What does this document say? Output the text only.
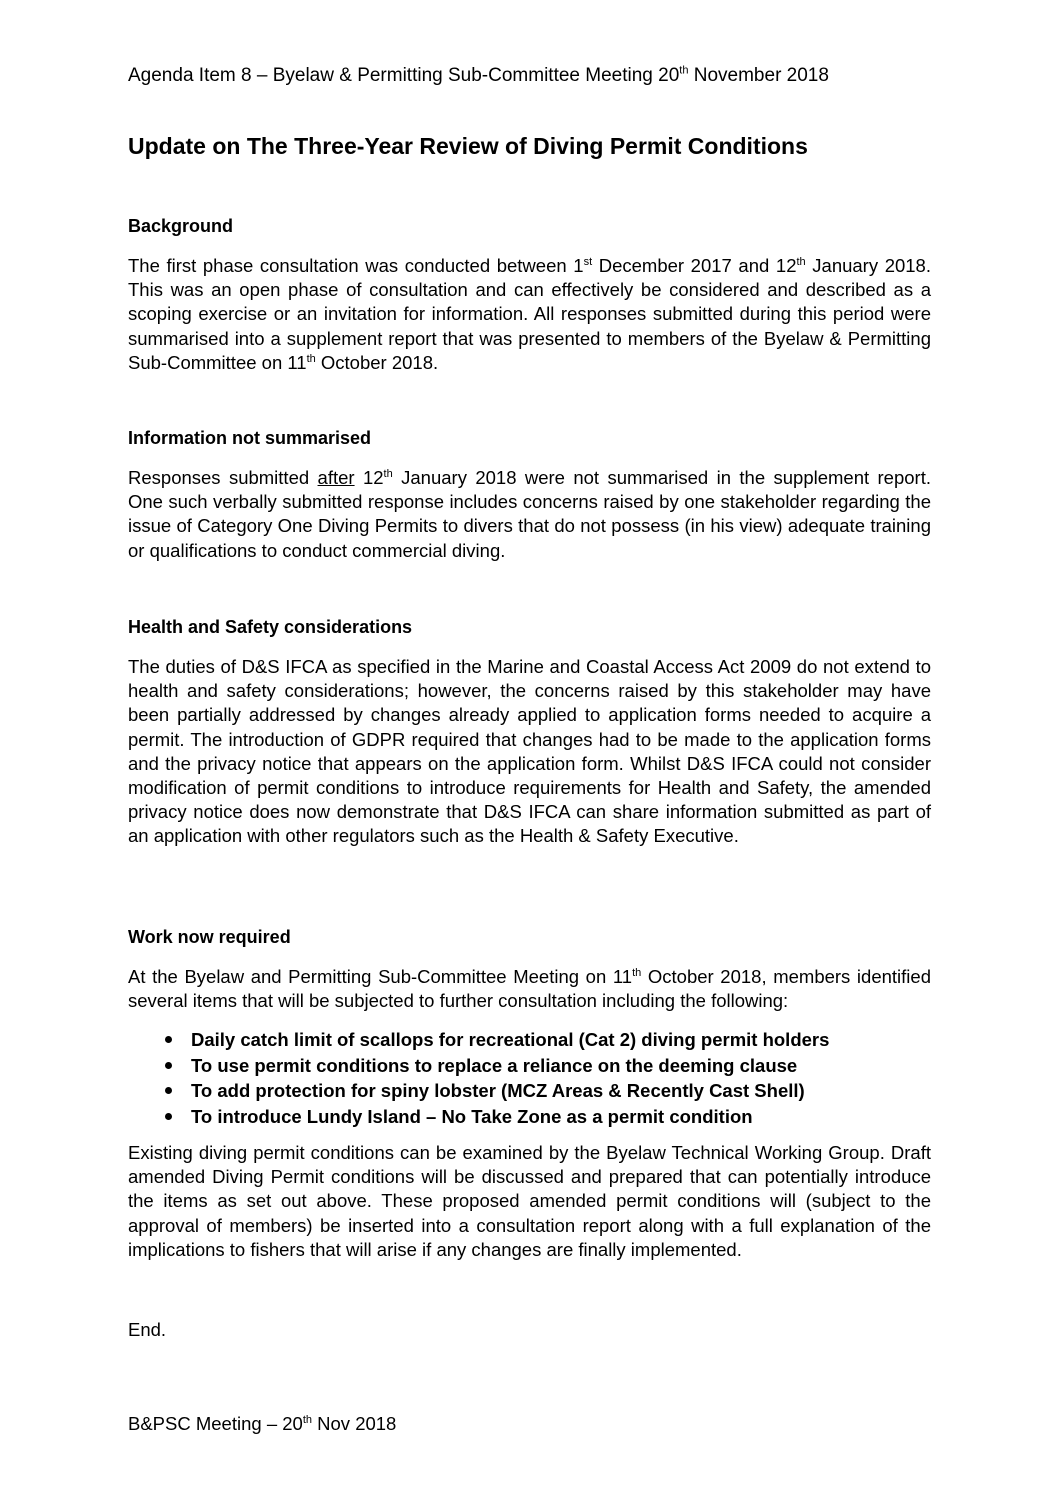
Agenda Item 8 – Byelaw & Permitting Sub-Committee Meeting 20th November 2018
Update on The Three-Year Review of Diving Permit Conditions
Background
The first phase consultation was conducted between 1st December 2017 and 12th January 2018. This was an open phase of consultation and can effectively be considered and described as a scoping exercise or an invitation for information. All responses submitted during this period were summarised into a supplement report that was presented to members of the Byelaw & Permitting Sub-Committee on 11th October 2018.
Information not summarised
Responses submitted after 12th January 2018 were not summarised in the supplement report. One such verbally submitted response includes concerns raised by one stakeholder regarding the issue of Category One Diving Permits to divers that do not possess (in his view) adequate training or qualifications to conduct commercial diving.
Health and Safety considerations
The duties of D&S IFCA as specified in the Marine and Coastal Access Act 2009 do not extend to health and safety considerations; however, the concerns raised by this stakeholder may have been partially addressed by changes already applied to application forms needed to acquire a permit. The introduction of GDPR required that changes had to be made to the application forms and the privacy notice that appears on the application form. Whilst D&S IFCA could not consider modification of permit conditions to introduce requirements for Health and Safety, the amended privacy notice does now demonstrate that D&S IFCA can share information submitted as part of an application with other regulators such as the Health & Safety Executive.
Work now required
At the Byelaw and Permitting Sub-Committee Meeting on 11th October 2018, members identified several items that will be subjected to further consultation including the following:
Daily catch limit of scallops for recreational (Cat 2) diving permit holders
To use permit conditions to replace a reliance on the deeming clause
To add protection for spiny lobster (MCZ Areas & Recently Cast Shell)
To introduce Lundy Island – No Take Zone as a permit condition
Existing diving permit conditions can be examined by the Byelaw Technical Working Group. Draft amended Diving Permit conditions will be discussed and prepared that can potentially introduce the items as set out above. These proposed amended permit conditions will (subject to the approval of members) be inserted into a consultation report along with a full explanation of the implications to fishers that will arise if any changes are finally implemented.
End.
B&PSC Meeting – 20th Nov 2018
